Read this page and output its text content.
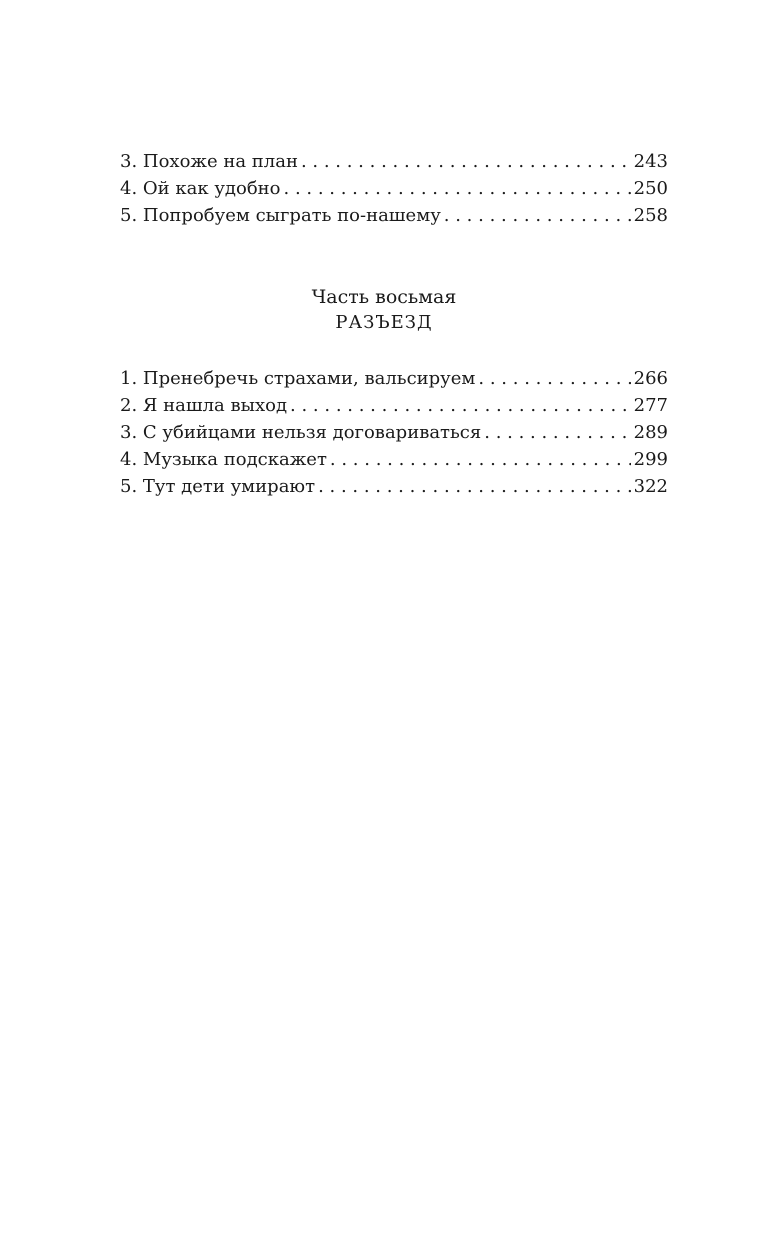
3. Похоже на план . . .	243
4. Ой как удобно . . .	250
5. Попробуем сыграть по-нашему . . .	258
Часть восьмая
РАЗЪЕЗД
1. Пренебречь страхами, вальсируем . . .	266
2. Я нашла выход . . .	277
3. С убийцами нельзя договариваться . . .	289
4. Музыка подскажет . . .	299
5. Тут дети умирают . . .	322
